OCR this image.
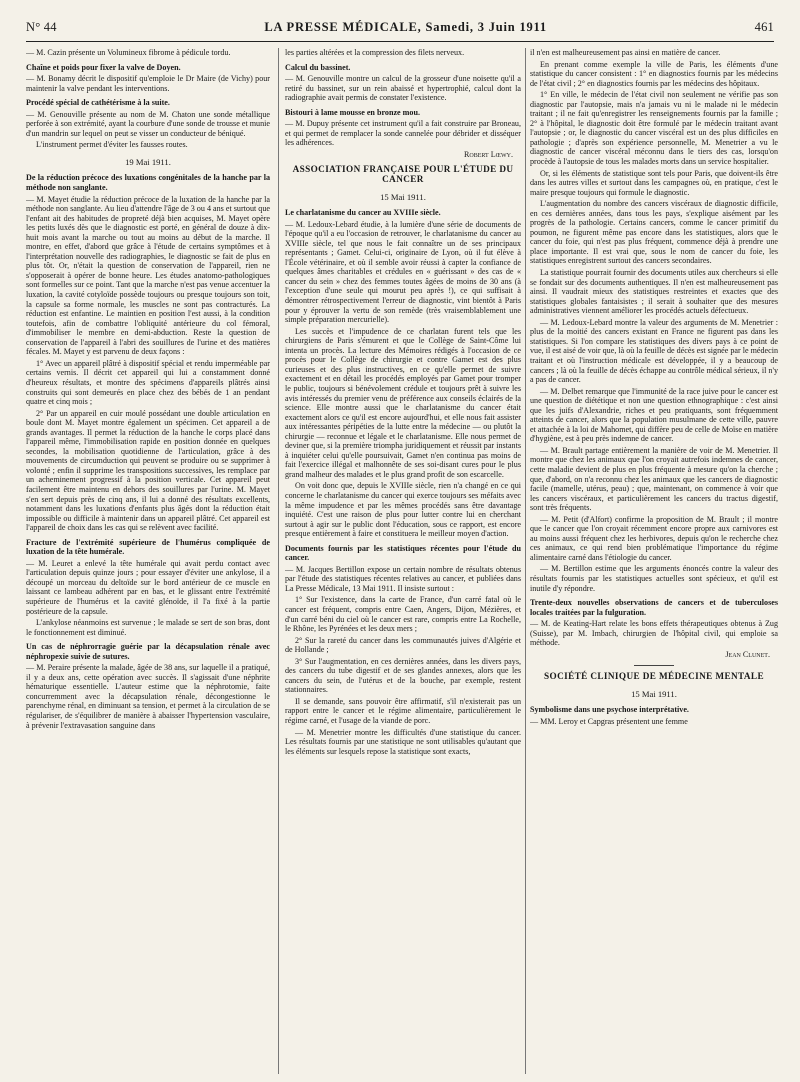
N° 44	LA PRESSE MÉDICALE, Samedi, 3 Juin 1911	461

— M. Cazin présente un Volumineux fibrome à pédicule tordu.

Chaîne et poids pour fixer la valve de Doyen.

— M. Bonamy décrit le dispositif qu'emploie le Dr Maire (de Vichy) pour maintenir la valve pendant les interventions.

Procédé spécial de cathétérisme à la suite.

— M. Genouville présente au nom de M. Chaton une sonde métallique perforée à son extrémité, ayant la courbure d'une sonde de trousse et munie d'un mandrin sur lequel on peut se visser un conducteur de béniqué.

L'instrument permet d'éviter les fausses routes.

19 Mai 1911.

De la réduction précoce des luxations congénitales de la hanche par la méthode non sanglante.

— M. Mayet étudie la réduction précoce de la luxation de la hanche par la méthode non sanglante. Au lieu d'attendre l'âge de 3 ou 4 ans et surtout que l'enfant ait des habitudes de propreté déjà bien acquises, M. Mayet opère les petits luxés dès que le diagnostic est porté, en général de douze à dix-huit mois avant la marche ou tout au moins au début de la marche. Il montre, en effet, d'abord que grâce à l'étude de certains symptômes et à l'interprétation nouvelle des radiographies, le diagnostic se fait de plus en plus tôt. Or, n'était la question de conservation de l'appareil, rien ne s'opposerait à opérer de bonne heure. Les études anatomo-pathologiques sont formelles sur ce point. Tant que la marche n'est pas venue accentuer la luxation, la cavité cotyloïde possède toujours ou presque toujours son toit, la capsule sa forme normale, les muscles ne sont pas contracturés. La réduction est enfantine. Le maintien en position l'est aussi, à la condition toutefois, afin de combattre l'obliquité antérieure du col fémoral, d'immobiliser le membre en demi-abduction. Reste la question de conservation de l'appareil à l'abri des souillures de l'urine et des matières fécales. M. Mayet y est parvenu de deux façons :

1° Avec un appareil plâtré à dispositif spécial et rendu imperméable par certains vernis. Il décrit cet appareil qui lui a constamment donné d'heureux résultats, et montre des spécimens d'appareils plâtrés ainsi construits qui sont demeurés en place chez des bébés de 1 an pendant quatre et cinq mois ;

2° Par un appareil en cuir moulé possédant une double articulation en boule dont M. Mayet montre également un spécimen. Cet appareil a de grands avantages. Il permet la réduction de la hanche le corps placé dans l'appareil même, l'immobilisation rapide en position donnée en quelques secondes, la mobilisation quotidienne de l'articulation, grâce à des mouvements de circumduction qui peuvent se produire ou se supprimer à volonté ; enfin il supprime les transpositions successives, les remplace par un acheminement progressif à la position verticale. Cet appareil peut facilement être maintenu en dehors des souillures par l'urine. M. Mayet s'en sert depuis près de cinq ans, il lui a donné des résultats excellents, notamment dans les luxations d'enfants plus âgés dont la réduction était impossible ou difficile à maintenir dans un appareil plâtré. Cet appareil est l'appareil de choix dans les cas qui se relèvent avec facilité.

Fracture de l'extrémité supérieure de l'humérus compliquée de luxation de la tête humérale.

— M. Leuret a enlevé la tête humérale qui avait perdu contact avec l'articulation depuis quinze jours ; pour essayer d'éviter une ankylose, il a découpé un morceau du deltoïde sur le bord antérieur de ce muscle en laissant ce lambeau adhérent par en bas, et le glissant entre l'extrémité supérieure de l'humérus et la cavité glénoïde, il l'a fixé à la partie postérieure de la capsule.

L'ankylose néanmoins est survenue ; le malade se sert de son bras, dont le fonctionnement est diminué.

Un cas de néphrorragie guérie par la décapsulation rénale avec néphropexie suivie de sutures.

— M. Peraire présente la malade, âgée de 38 ans, sur laquelle il a pratiqué, il y a deux ans, cette opération avec succès. Il s'agissait d'une néphrite hématurique essentielle. L'auteur estime que la néphrotomie, faite concurremment avec la décapsulation rénale, décongestionne le parenchyme rénal, en diminuant sa tension, et permet à la circulation de se régulariser, de s'équilibrer de manière à abaisser l'hypertension vasculaire, à prévenir l'extravasation sanguine dans

les parties altérées et la compression des filets nerveux.

Calcul du bassinet.

— M. Genouville montre un calcul de la grosseur d'une noisette qu'il a retiré du bassinet, sur un rein abaissé et hypertrophié, calcul dont la radiographie avait permis de constater l'existence.

Bistouri à lame mousse en bronze mou.

— M. Dupuy présente cet instrument qu'il a fait construire par Broneau, et qui permet de remplacer la sonde cannelée pour débrider et disséquer les adhérences.

Robert Lœwy.

ASSOCIATION FRANÇAISE POUR L'ÉTUDE DU CANCER

15 Mai 1911.

Le charlatanisme du cancer au XVIIIe siècle.

— M. Ledoux-Lebard étudie, à la lumière d'une série de documents de l'époque qu'il a eu l'occasion de retrouver, le charlatanisme du cancer au XVIIIe siècle, tel que nous le fait connaître un de ses principaux représentants ; Gamet. Celui-ci, originaire de Lyon, où il fut élève à l'École vétérinaire, et où il semble avoir réussi à capter la confiance de quelques âmes charitables et crédules en « guérissant » des cas de « cancer du sein » chez des femmes toutes âgées de moins de 30 ans (à l'exception d'une seule qui mourut peu après !), ce qui suffisait à démontrer rétrospectivement l'erreur de diagnostic, vint bientôt à Paris pour y éprouver la vertu de son remède (très vraisemblablement une simple préparation mercurielle).

Les succès et l'impudence de ce charlatan furent tels que les chirurgiens de Paris s'émurent et que le Collège de Saint-Côme lui intenta un procès. La lecture des Mémoires rédigés à l'occasion de ce procès pour le Collège de chirurgie et contre Gamet est des plus curieuses et des plus instructives, en ce qu'elle permet de suivre exactement et en détail les procédés employés par Gamet pour tromper le public, toujours si bénévolement crédule et toujours prêt à suivre les avis intéressés du premier venu de préférence aux conseils éclairés de la science. Elle montre aussi que le charlatanisme du cancer était exactement alors ce qu'il est encore aujourd'hui, et elle nous fait assister aux intéressantes péripéties de la lutte entre la médecine — ou plutôt la chirurgie — reconnue et légale et le charlatanisme. Elle nous permet de deviner que, si la première triompha juridiquement et réussit par instants à inquiéter celui qu'elle poursuivait, Gamet n'en continua pas moins de fait l'exercice illégal et malhonnête de ses soi-disant cures pour le plus grand malheur des malades et le plus grand profit de son escarcelle.

On voit donc que, depuis le XVIIIe siècle, rien n'a changé en ce qui concerne le charlatanisme du cancer qui exerce toujours ses méfaits avec la même impudence et par les mêmes procédés sans être davantage inquiété. C'est une raison de plus pour lutter contre lui en cherchant surtout à agir sur le public dont l'éducation, sous ce rapport, est encore presque entièrement à faire et constituera le meilleur moyen d'action.

Documents fournis par les statistiques récentes pour l'étude du cancer.

— M. Jacques Bertillon expose un certain nombre de résultats obtenus par l'étude des statistiques récentes relatives au cancer, et publiées dans La Presse Médicale, 13 Mai 1911. Il insiste surtout :

1° Sur l'existence, dans la carte de France, d'un carré fatal où le cancer est fréquent, compris entre Caen, Angers, Dijon, Mézières, et d'un carré béni du ciel où le cancer est rare, compris entre La Rochelle, le Rhône, les Pyrénées et les deux mers ;

2° Sur la rareté du cancer dans les communautés juives d'Algérie et de Hollande ;

3° Sur l'augmentation, en ces dernières années, dans les divers pays, des cancers du tube digestif et de ses glandes annexes, alors que les cancers du sein, de l'utérus et de la bouche, par exemple, restent stationnaires.

Il se demande, sans pouvoir être affirmatif, s'il n'existerait pas un rapport entre le cancer et le régime alimentaire, particulièrement le régime carné, et l'usage de la viande de porc.

— M. Menetrier montre les difficultés d'une statistique du cancer. Les résultats fournis par une statistique ne sont utilisables qu'autant que les éléments sur lesquels repose la statistique sont exacts,

il n'en est malheureusement pas ainsi en matière de cancer.

En prenant comme exemple la ville de Paris, les éléments d'une statistique du cancer consistent : 1° en diagnostics fournis par les médecins de l'état civil ; 2° en diagnostics fournis par les médecins des hôpitaux.

1° En ville, le médecin de l'état civil non seulement ne vérifie pas son diagnostic par l'autopsie, mais n'a jamais vu ni le malade ni le médecin traitant ; il ne fait qu'enregistrer les renseignements fournis par la famille ; 2° à l'hôpital, le diagnostic doit être formulé par le médecin traitant avant l'autopsie ; or, le diagnostic du cancer viscéral est un des plus difficiles en pathologie ; d'après son expérience personnelle, M. Menetrier a vu le diagnostic de cancer viscéral méconnu dans le tiers des cas, lorsqu'on procède à l'autopsie de tous les malades morts dans un service hospitalier.

Or, si les éléments de statistique sont tels pour Paris, que doivent-ils être dans les autres villes et surtout dans les campagnes où, en pratique, c'est le maire presque toujours qui formule le diagnostic.

L'augmentation du nombre des cancers viscéraux de diagnostic difficile, en ces dernières années, dans tous les pays, s'explique aisément par les progrès de la pathologie. Certains cancers, comme le cancer primitif du poumon, ne figurent même pas encore dans les statistiques, alors que le cancer du foie, qui n'est pas plus fréquent, commence déjà à prendre une place importante. Il est vrai que, sous le nom de cancer du foie, les statistiques enregistrent surtout des cancers secondaires.

La statistique pourrait fournir des documents utiles aux chercheurs si elle se fondait sur des documents authentiques. Il n'en est malheureusement pas ainsi. Il vaudrait mieux des statistiques restreintes et exactes que des statistiques globales fantaisistes ; il serait à souhaiter que des mesures administratives viennent améliorer les procédés actuels défectueux.

— M. Ledoux-Lebard montre la valeur des arguments de M. Menetrier : plus de la moitié des cancers existant en France ne figurent pas dans les statistiques. Si l'on compare les statistiques des divers pays à ce point de vue, il est aisé de voir que, là où la feuille de décès est signée par le médecin traitant et où l'instruction médicale est développée, il y a beaucoup de cancers ; là où la feuille de décès échappe au contrôle médical sérieux, il n'y a pas de cancer.

— M. Delbet remarque que l'immunité de la race juive pour le cancer est une question de diététique et non une question ethnographique : c'est ainsi que les juifs d'Alexandrie, riches et peu pratiquants, sont fréquemment atteints de cancer, alors que la population musulmane de cette ville, pauvre et attachée à la loi de Mahomet, qui diffère peu de celle de Moïse en matière d'hygiène, est à peu près indemne de cancer.

— M. Brault partage entièrement la manière de voir de M. Menetrier. Il montre que chez les animaux que l'on croyait autrefois indemnes de cancer, cette maladie devient de plus en plus fréquente à mesure qu'on la cherche ; que, d'abord, on n'a reconnu chez les animaux que les cancers de diagnostic facile (mamelle, utérus, peau) ; que, maintenant, on commence à voir que les cancers viscéraux, et particulièrement les cancers du tractus digestif, sont très fréquents.

— M. Petit (d'Alfort) confirme la proposition de M. Brault ; il montre que le cancer que l'on croyait récemment encore propre aux carnivores est au moins aussi fréquent chez les herbivores, depuis qu'on le recherche chez ces animaux, ce qui rend bien problématique l'importance du régime alimentaire carné dans l'étiologie du cancer.

— M. Bertillon estime que les arguments énoncés contre la valeur des résultats fournis par les statistiques actuelles sont spécieux, et qu'il est inutile d'y répondre.

Trente-deux nouvelles observations de cancers et de tuberculoses locales traitées par la fulguration.

— M. de Keating-Hart relate les bons effets thérapeutiques obtenus à Zug (Suisse), par M. Imbach, chirurgien de l'hôpital civil, qui emploie sa méthode.

Jean Clunet.

SOCIÉTÉ CLINIQUE DE MÉDECINE MENTALE

15 Mai 1911.

Symbolisme dans une psychose interprétative.

— MM. Leroy et Capgras présentent une femme
